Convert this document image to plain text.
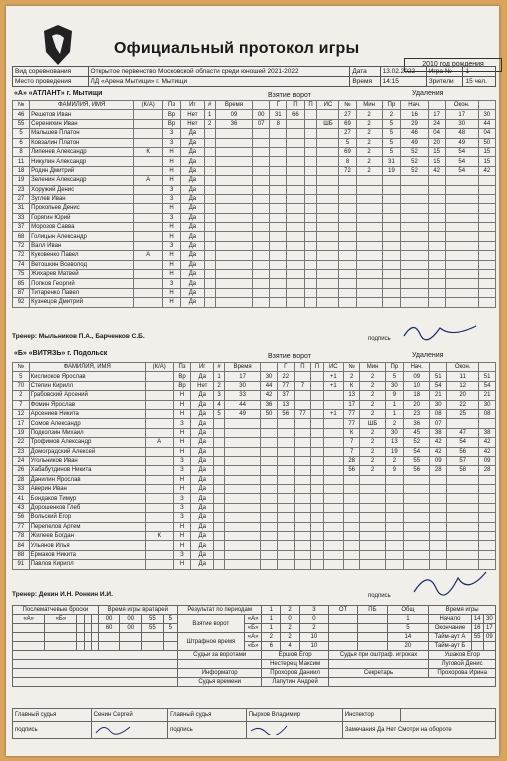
Официальный протокол игры
2010 год рождения
Вид соревнования	Открытое первенство Московской области среди юношей 2021-2022	Дата	13.02.2022	Игра №	1
Место проведения	ЛД «Арена Мытищи» г. Мытищи	Время	14:15	Зрители	15 чел.
«А» «АТЛАНТ» г. Мытищи	Взятие ворот	Удаления
№	ФАМИЛИЯ, ИМЯ	(К/А)	Пз	Иг	#	Время		Г	П	П	ИС	№	Мин	Пр	Нач.		Окон.	
46	Решетов Иван		Вр	Нет	1	09	00	31	66			27	2	2	16	17	17	30
55	Серенихин Иван		Вр	Нет	2	36	07	8			ШБ	69	2	5	29	24	30	44
5	Мальшев Платон		З	Да								27	2	5	46	04	48	04
6	Ковзалин Платон		З	Да								5	2	5	49	20	49	50
8	Липенев Александр	К	Н	Да								69	2	5	52	15	54	15
11	Никулин Александр		Н	Да								8	2	31	52	15	54	15
18	Родин Дмитрий		Н	Да								72	2	19	52	42	54	42
19	Зеленин Александр	А	Н	Да														
23	Хоружий Денис		З	Да														
27	Зуглев Иван		З	Да														
31	Прокопьев Денис		Н	Да														
33	Горягин Юрий		З	Да														
37	Морозов Савва		Н	Да														
68	Голицын Александр		Н	Да														
72	Валл Иван		З	Да														
72	Куковенко Павел	А	Н	Да														
74	Ветошкин Всеволод		Н	Да														
75	Жихарев Матвей		Н	Да														
85	Попков Георгий		З	Да														
87	Титаренко Павел		Н	Да														
92	Кузнецов Дмитрий		Н	Да														
Тренер: Мыльников П.А., Барченков С.Б.	подпись
«Б» «ВИТЯЗЬ» г. Подольск	Взятие ворот	Удаления
№	ФАМИЛИЯ, ИМЯ	(К/А)	Пз	Иг	#	Время		Г	П	П	ИС	№	Мин	Пр	Нач.		Окон.	
5	Кислиоков Ярослав		Вр	Да	1	17	30	22			+1	2	2	5	09	51	11	51
70	Степин Кирилл		Вр	Нет	2	30	44	77	7		+1	К	2	30	10	54	12	54
2	Грабовский Арсений		Н	Да	3	33	42	37				13	2	9	18	21	20	21
7	Фомин Ярослав		Н	Да	4	44	36	13				17	2	1	20	30	22	30
12	Арсениев Никита		Н	Да	5	49	50	56	77		+1	77	2	1	23	08	25	08
17	Сомов Александр		З	Да								77	ШБ	2	36	07		
19	Подколзин Михаил		Н	Да								К	2	30	45	38	47	38
22	Трофимов Александр	А	Н	Да								7	2	13	52	42	54	42
23	Домоградский Алексей		Н	Да								7	2	19	54	42	56	42
24	Угольников Иван		З	Да								28	2	2	55	09	57	09
26	Хабабутдинов Никита		З	Да								56	2	9	56	28	58	28
28	Данилин Ярослав		Н	Да														
33	Аверин Иван		Н	Да														
41	Бондаков Тимур		З	Да														
43	Дорошенков Глеб		З	Да														
56	Вольский Егор		З	Да														
77	Перепелов Артем		Н	Да														
78	Жилеев Богдан	К	Н	Да														
84	Ульянов Илья		Н	Да														
88	Ермаков Никита		З	Да														
91	Павлов Кирилл		Н	Да														
Тренер: Декин И.Н. Ронкин И.И.	подпись
Послематчевые броски					Время игры вратарей				Результат по периодам		1	2	3	ОТ	ПБ	Общ	Время игры		
«А»	«Б»				00	00	55	5	Взятие ворот	«А»	1	0	0			1	Начало	14	30
					60	00	55	5		«Б»	1	2	2			5	Окончание	16	17
									Штрафное время	«А»	2	2	10			14	Тайм-аут А	55	09
										«Б»	6	4	10			20	Тайм-аут Б		
									Судьи за воротами		Ершов Егор			Судья при оштраф. игроках			Ушаков Егор		
											Нестерец Максим						Луговой Денис		
									Информатор		Прохоров Даниил			Секретарь			Прохорова Ирина		
									Судья времени		Лапутин Андрей								
Главный судья	Сенин Сергей	Главный судья	Пырхов Владимир	Инспектор	
подпись		подпись		Замечания Да Нет Смотри на обороте	
